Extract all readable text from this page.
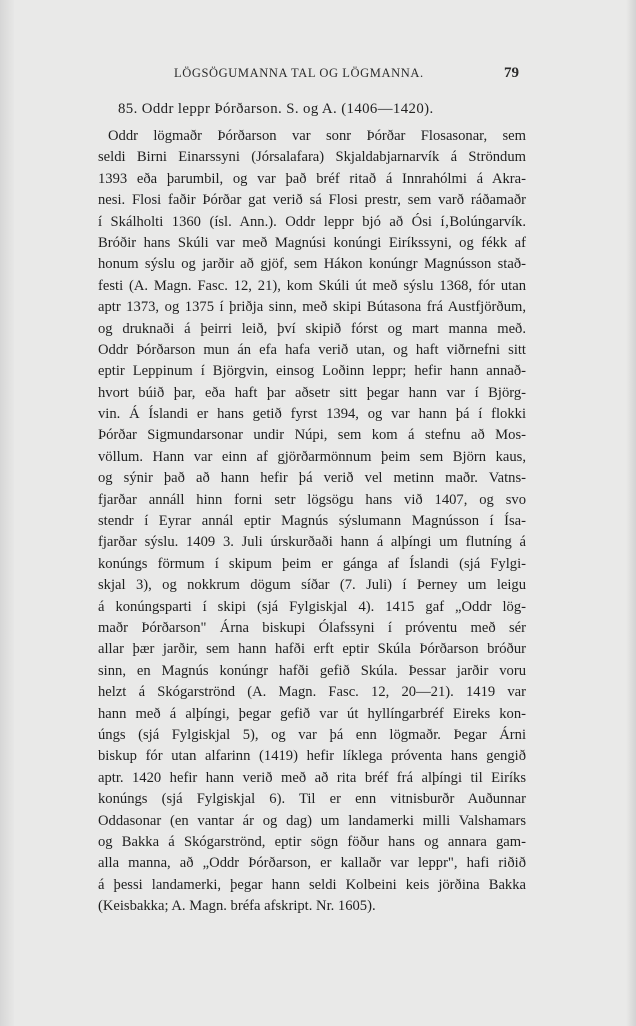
LÖGSÖGUMANNA TAL OG LÖGMANNA.	79
85. Oddr leppr Þórðarson. S. og A. (1406—1420).
Oddr lögmaðr Þórðarson var sonr Þórðar Flosasonar, sem
seldi Birni Einarssyni (Jórsalafara) Skjaldabjarnarvík á Ströndum
1393 eða þarumbil, og var það bréf ritað á Innrahólmi á Akra-
nesi. Flosi faðir Þórðar gat verið sá Flosi prestr, sem varð ráðamaðr
í Skálholti 1360 (ísl. Ann.). Oddr leppr bjó að Ósi í‚Bolúngarvík.
Bróðir hans Skúli var með Magnúsi konúngi Eiríkssyni, og fékk af
honum sýslu og jarðir að gjöf, sem Hákon konúngr Magnússon stað-
festi (A. Magn. Fasc. 12, 21), kom Skúli út með sýslu 1368, fór utan
aptr 1373, og 1375 í þriðja sinn, með skipi Bútasona frá Austfjörðum,
og druknaði á þeirri leið, því skipið fórst og mart manna með.
Oddr Þórðarson mun án efa hafa verið utan, og haft viðrnefni sitt
eptir Leppinum í Björgvin, einsog Loðinn leppr; hefir hann annað-
hvort búið þar, eða haft þar aðsetr sitt þegar hann var í Björg-
vin. Á Íslandi er hans getið fyrst 1394, og var hann þá í flokki
Þórðar Sigmundarsonar undir Núpi, sem kom á stefnu að Mos-
völlum. Hann var einn af gjörðarmönnum þeim sem Björn kaus,
og sýnir það að hann hefir þá verið vel metinn maðr. Vatns-
fjarðar annáll hinn forni setr lögsögu hans við 1407, og svo
stendr í Eyrar annál eptir Magnús sýslumann Magnússon í Ísa-
fjarðar sýslu. 1409 3. Juli úrskurðaði hann á alþíngi um flutníng á
konúngs förmum í skipum þeim er gánga af Íslandi (sjá Fylgi-
skjal 3), og nokkrum dögum síðar (7. Juli) í Þerney um leigu
á konúngsparti í skipi (sjá Fylgiskjal 4). 1415 gaf „Oddr lög-
maðr Þórðarson" Árna biskupi Ólafssyni í próventu með sér
allar þær jarðir, sem hann hafði erft eptir Skúla Þórðarson bróður
sinn, en Magnús konúngr hafði gefið Skúla. Þessar jarðir voru
helzt á Skógarströnd (A. Magn. Fasc. 12, 20—21). 1419 var
hann með á alþíngi, þegar gefið var út hyllíngarbréf Eireks kon-
úngs (sjá Fylgiskjal 5), og var þá enn lögmaðr. Þegar Árni
biskup fór utan alfarinn (1419) hefir líklega próventa hans gengið
aptr. 1420 hefir hann verið með að rita bréf frá alþíngi til Eiríks
konúngs (sjá Fylgiskjal 6). Til er enn vitnisburðr Auðunnar
Oddasonar (en vantar ár og dag) um landamerki milli Valshamars
og Bakka á Skógarströnd, eptir sögn föður hans og annara gam-
alla manna, að „Oddr Þórðarson, er kallaðr var leppr", hafi riðið
á þessi landamerki, þegar hann seldi Kolbeini keis jörðina Bakka
(Keisbakka; A. Magn. bréfa afskript. Nr. 1605).
